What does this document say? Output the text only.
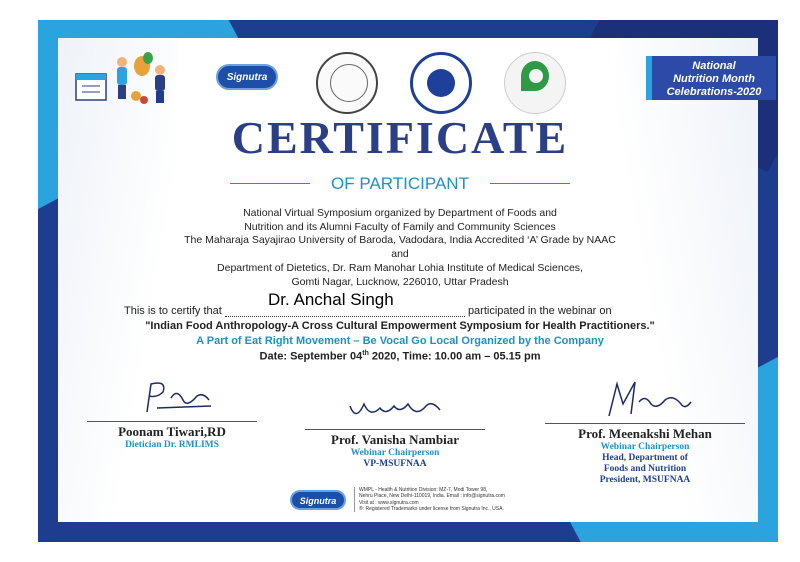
Signutra
National
Nutrition Month
Celebrations-2020
CERTIFICATE
OF PARTICIPANT
National Virtual Symposium organized by Department of Foods and
Nutrition and its Alumni Faculty of Family and Community Sciences
The Maharaja Sayajirao University of Baroda, Vadodara, India Accredited ‘A’ Grade by NAAC
and
Department of Dietetics, Dr. Ram Manohar Lohia Institute of Medical Sciences,
Gomti Nagar, Lucknow, 226010, Uttar Pradesh
This is to certify that	participated in the webinar on
Dr. Anchal Singh
"Indian Food Anthropology-A Cross Cultural Empowerment Symposium for Health Practitioners."
A Part of Eat Right Movement – Be Vocal Go Local Organized by the Company
Date: September 04th 2020, Time: 10.00 am – 05.15 pm
Poonam Tiwari,RD
Dietician Dr. RMLIMS	Prof. Vanisha Nambiar
Webinar Chairperson
VP-MSUFNAA
Prof. Meenakshi Mehan
Webinar Chairperson
Head, Department of
Foods and Nutrition
President, MSUFNAA
Signutra
WMPL - Health & Nutrition Division: MZ-7, Modi Tower 98,
Nehru Place, New Delhi-110019, India. Email : info@signutra.com
Visit at : www.signutra.com
®: Registered Trademarks under license from Signutra Inc., USA.
